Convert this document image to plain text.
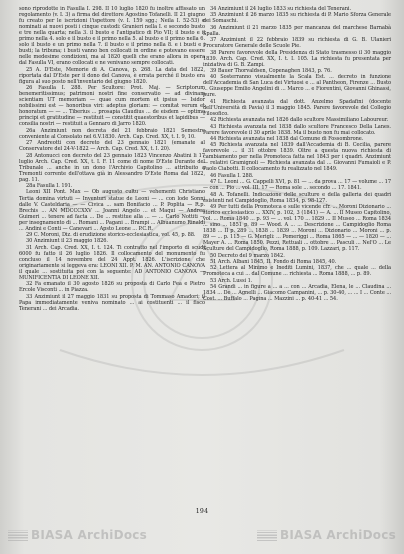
sono riprodotte in Fasulla I. 298. II 10 luglio 1820 fu inoltre affissato un regolamento (v. I. 3) a firma del direttore Agostino Tofanelli. II 21 giugno fu creato per le iscrizioni l'ispettore (v. I. 159 sgg.; Neila I. 52-53) e nominati ai nuovi posti i cinque custodi: Granieri nella I. e secondo busto e tre nella quarta; nella 3. il busto e l'antipatico di Pio VII; il busto e il primo nella 4. solo e il busto e il primo nella 5. al busto e il primo nella 6. solo il busto e un primo nella 7. il busto e il primo nella 8. e i busti e i busti; la tribuna; i busti vanno ben collocati in ordine e potevano essere nelle medesime condizioni, ma al 1820 quelli che erano allora in opera dal Fasulla VI, erano collocati e ne venivano sempre collocati.

25 A. D'Este, Memorie di A. Canova, p. 268. La data del 1822, riportata dal D'Este per il dono del Canova, è errata perché il busto era figura al suo posto nell'inventario del giugno 1820.

26 Fasulla I. 288. Per Scultore: Prot. Maj. — Scriptorum benemeritissimus; patrimoni nostri fine conservatio — ad divinam scientiam UT memoriam — quae cum mortem et ipsius — Isidor nobilissimi est — honoribus viri: adeptus gloriam: — comitat verum et honoratum — — ... Tiberius ... prosapia Claudius ... de eisdem — optimo principi et gratitudine — restituit — constitit quaestoribus et lapidibus — consilia nostri — restituit a Gennaro di Jarro 1820.

26a Anzimiunt non decreta del 21 febbraio 1821 Semestre conveniente al Consolato nel 6.V.1830. Arch. Cap. Cred. XX, t. I. 9, 10.

27 Andreotti con decreto del 23 gennaio 1821 (emanate al Conservatore del 24-V-1822 — Arch. Cap. Cred. XX, t. I. 20).

28 Antonucci con decreto del 23 gennaio 1823 Vincenzo Abatini li 17 luglio Arch. Cap. Cred. XX, t. I. F. 11 come di nome D'Este Durante del Tribunale ... anche in un dono l'Archivio Capitolino ... attribuito a Tremonti corrente dell'ottava già in Alessandro D'Este Roma dal 1822, pag. 11.

28a Fasulla I. 191.

Leoni XII Pont. Max — Ob augusto cultu — vehementi Christiano Tertia domina virtuti — Inventuri statue de Leoni — ... con lode Sonni dalle V. Casteldaria — — Civica ... sam Bonifacio ... P. Poplita — R.p. Brechis ... AN MDCCCXXV ... Joanni Angelo ... et Maqui — Andrea Guimeri ... tenere ad facta ... De ... restitue alla ... — ... Carlo Nottiti — per insegnamento di ... Romani ... Pagani ... Brampi ... Albuanumo Rinaldi ... Andini e Conti — Canevari ... Apsto Leone ... P.C.R.

29 C. Moroni, Diz. di erudizione storico-ecclesiastica, vol. 45, p. 88.

30 Anzimiunt il 23 maggio 1826.

31 Arch. Cap. Cred. XX, I. t. 124. Ti contratto nel l'importo di scudi 6000 fu fatto il 26 luglio 1826. Il collocamento del monumento fu concluso il 14 novembre del 24 Appt. 1826. L'iscrizione che originariamente si leggeva era: LEONI XII. P. M. AN. ANTONIO CANOVA il quale ... sostituita poi con la seguente: AD ANTONIO CANOVA — MUNIFICENTIA DI LEONE XII.

32 Fa emanato il 30 agosto 1826 su proposta di Carlo Fea e Pietro Ercole Visconti ... in Piazza.

33 Anzimiunt il 27 maggio 1831 su proposta di Tommaso Amadori; il Papa immediatamente veniva nominato ... ai costituenti ... il fisco Tenerani ... dei Arcadia.

34 Anzimiunt il 24 luglio 1833 su richiesta del Tenerani.

35 Anzimiunt il 26 marzo 1835 su richiesta di P. Mario Sforza Generale dei Somaschi.

36 Anzimiunt il 21 marzo 1835 per mancanza del marchese Barnabà Spalla.

37 Anzimiunt il 22 febbraio 1839 su richiesta di G. B. Ulanieri Procuratore Generale delle Scuole Pie.

38 Parere favorevole della Presidenza di Stato trasmesso il 30 maggio 1839. Arch. Cap. Cred. XX, I. t. I. 105. La richiesta fu presentata per iniziativa di G. B. Zampi.

39 Bauer Thorvaldsen, Copenaghen 1843, p. 76.

40 Sosterranno visualmente la Scala Est. ... decreto in funzione dell'Accademia di San Luca dei Virtuosi e ... al Pantheon, Firenze ... Busto ... Giuseppe Emilio Angelini di ... Marco ... e Fiorentini, Giovanni Ghinassi, pure.

41 Richiesta avanzata dal dott. Anzelmo Spadafini (docente dell'Università di Pavia) il 3 maggio 1845. Parere favorevole del Collegio Filosofico.

42 Richiesta avanzata nel 1826 dallo scultore Massimiliano Laboureur.

43 Richiesta avanzata nel 1838 dallo scultore Francesco Della Lanes. Parere favorevole il 30 aprile 1838. Ma il busto non fu mai collocato.

44 Richiesta avanzata nel 1838 dal Comune di Fossombrone.

45 Richiesta avanzata nel 1839 dall'Accademia di B. Cecilia, parere favorevole ... il 31 ottobre 1839. Oltre a questa nuova richiesta di cambiamento per nella Promoteca fatta nel 1843 per i quadri. Anzimiunt — relativi Gramignoli — Richiesta avanzata dal ... Giovanni Fumaioli e P. Paolo Ciabotti. Il collocamento fu realizzato nel 1849.

46 Fasulla I. 288.

47 L. Leoni ... G. Cappelli XVI, p. 81 — ... da prova ... 17 — volume ... 17 — con ... Pio ... vol. III. 17 — Roma sole ... secondo ... 17. 1841.

48 A. Tofanelli. Indicazione delle sculture e della galleria dei quadri esistenti nel Campidoglio, Roma 1834, p. 98-127.

49 Per tutti della Promoteca e sulle vicende cfr. ... Moroni Dizionario ... storico ecclesiastico ... XXIV, p. 102, 3 (1841) — A. ... Il Museo Capitolino, vol. ... Roma 1840 ... p. 93 — ... vol. 170 ... 1829 ... II Museo ... Roma 1834 ... sino ... 1851 p. 89 — Wood. A ... ... Descrizione ... Campidoglio Roma 1838 ... II p. 289 ... 1838 ... 1839 ... Moroni ... Dizionario ... Moroni ... p. 89 — ... p. 115 — G. Merigli: ... Pomeriggi ... Roma 1865 — ... — 1820 — ... Mayer A. ... Roma 1850. Pezzi, Rettuali ... ottobre ... Pasculi ... Nel'O ... Le Sculture del Campidoglio, Roma 1888, p. 109. Lazzari, p. 117.

50 Decreto del 9 marzo 1842.

51 Arch. Albani 1845, II. Fondo di Roma 1845, 40.

52 Lettera al Minimo e Inediti Lumini, 1837, che ... quale ... della Promoteca a cui ... dal Comune ... richiesta ... Roma 1888, ... p. 89.

53 Arch. Lussi 1.

54 Grandi ... in figure a ... a ... con ... Arcadia, Elena, le ... Claudina ... 1834 ... De ... Agnelli ... Giacomo Campanini, ... p. 30-40, ... ... I ... Conte ... Cost. ... Buffalo ... Pagina ... Mazzini ... p. 40-41 ... 54.

194
BIASA ArchiDocs	BIASA ArchiDocs
